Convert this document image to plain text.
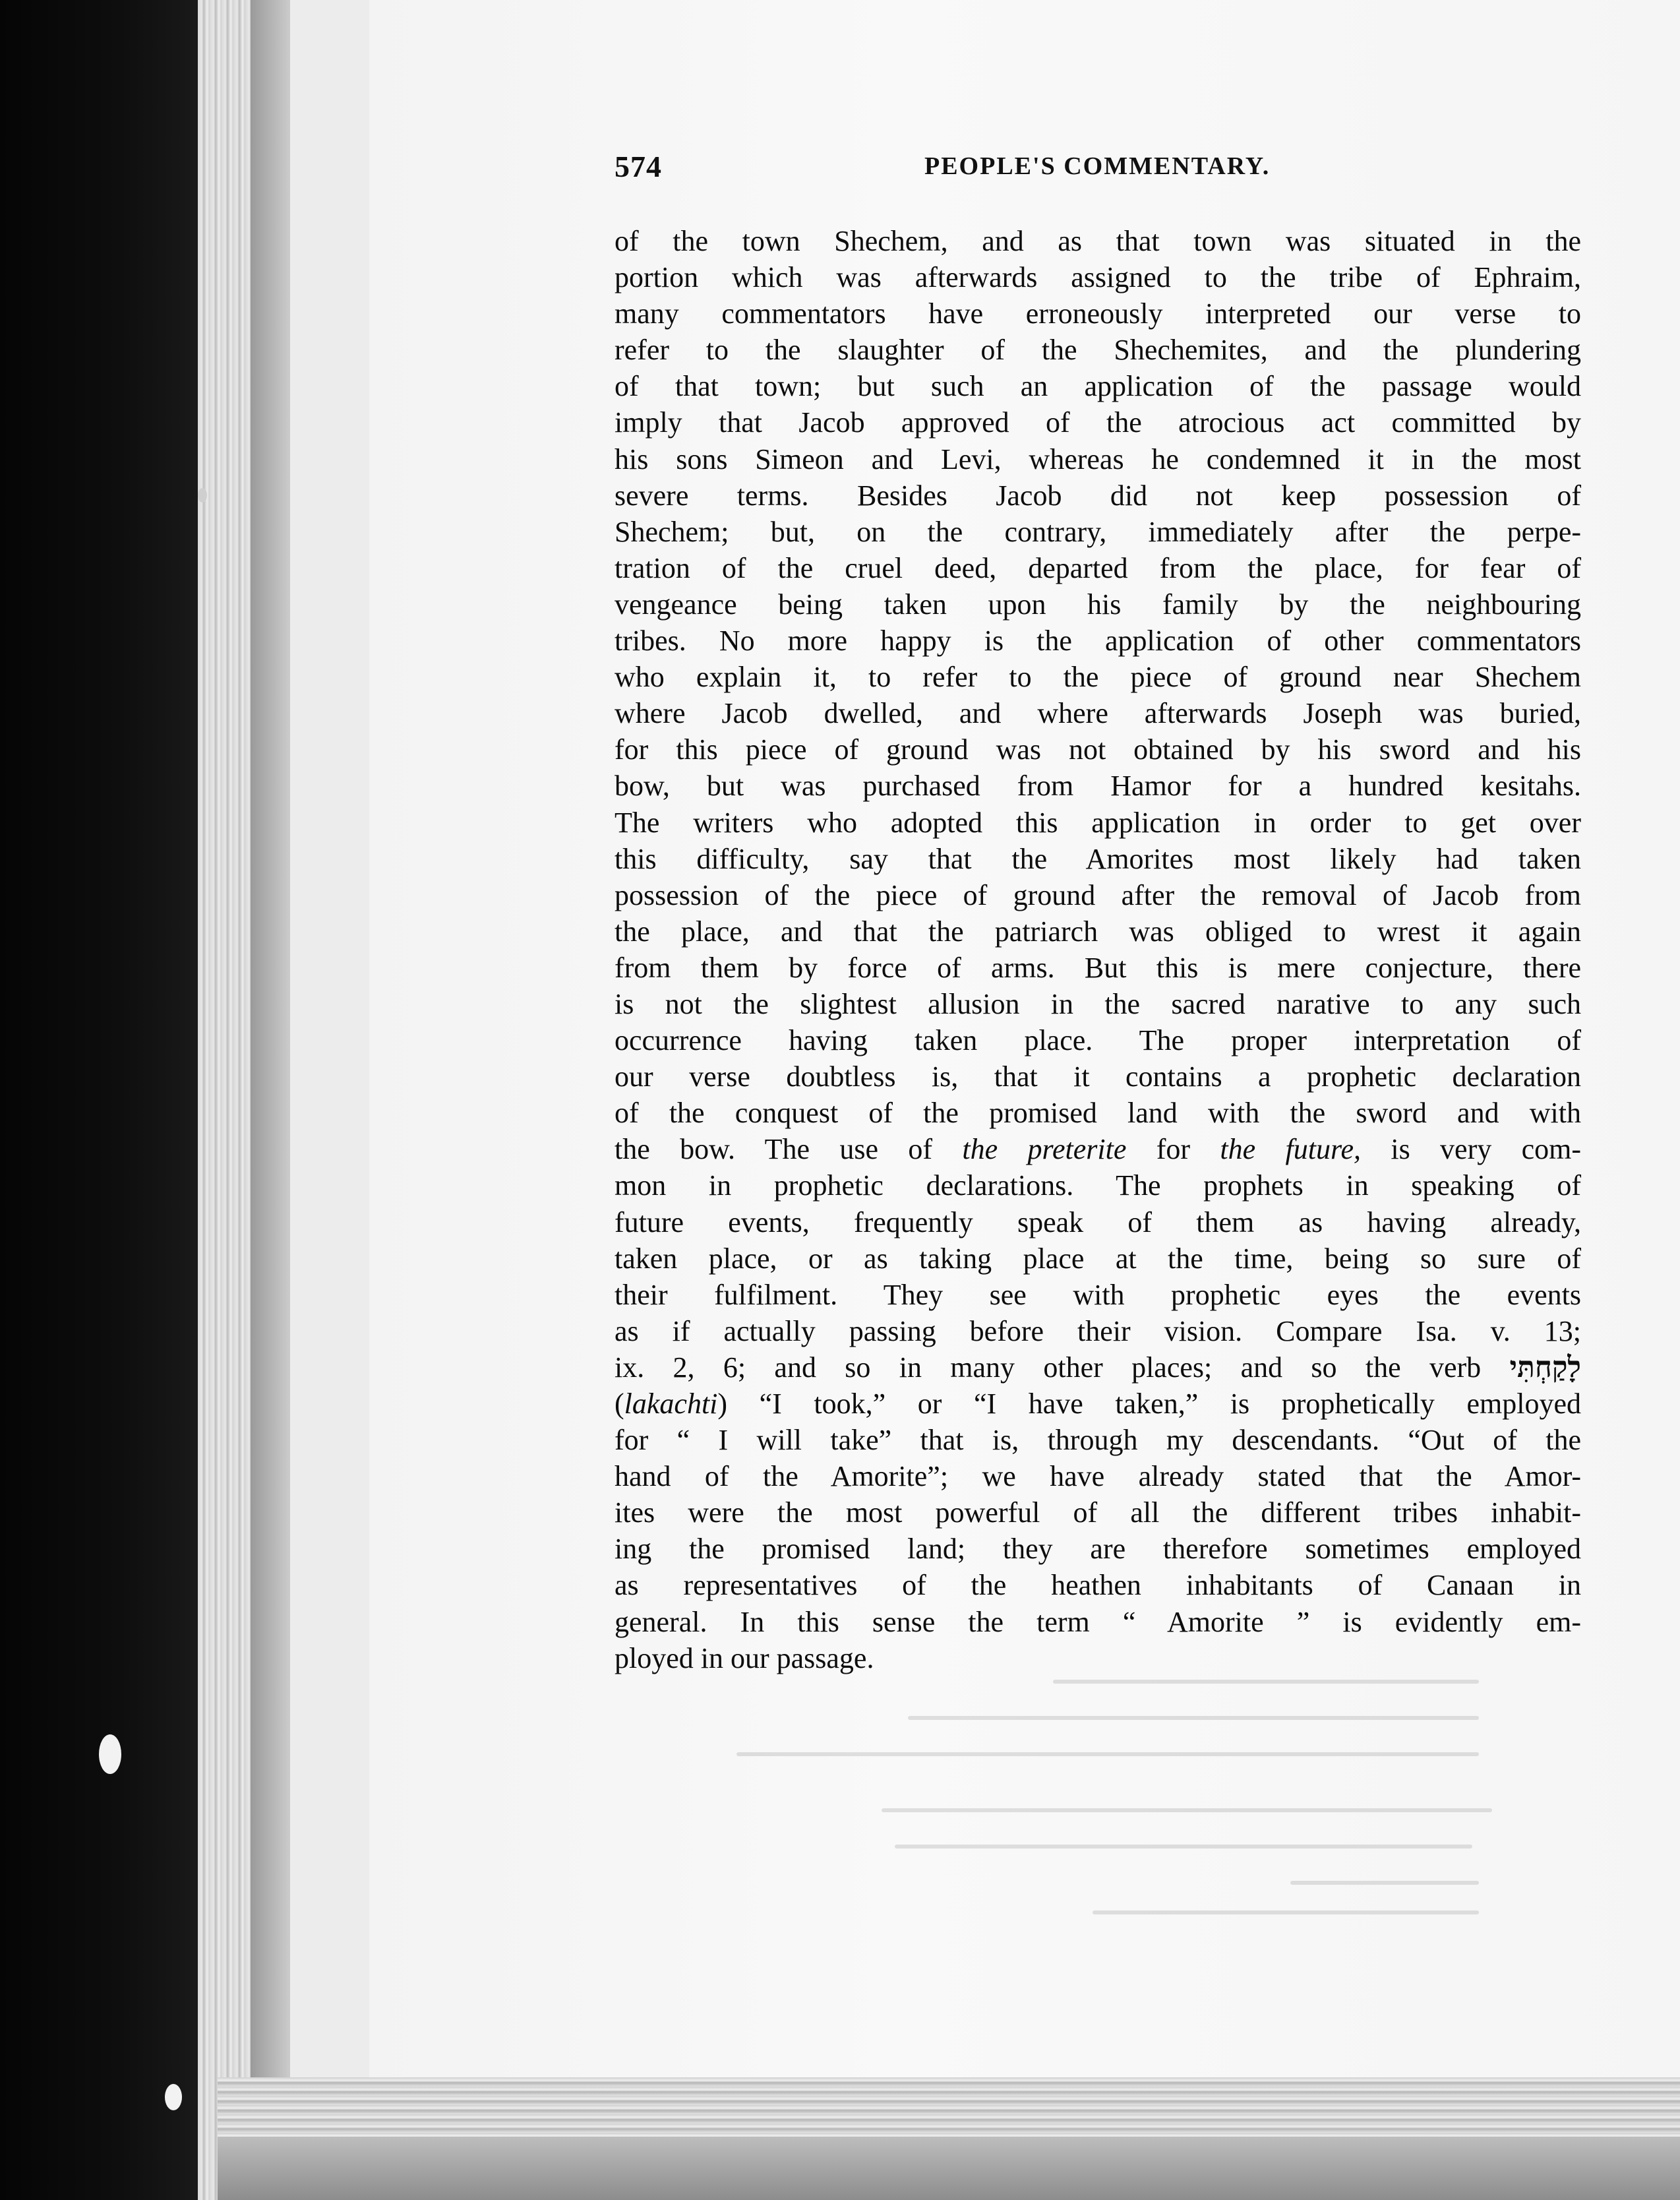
574	PEOPLE'S COMMENTARY.
of the town Shechem, and as that town was situated in the
portion which was afterwards assigned to the tribe of Ephraim,
many commentators have erroneously interpreted our verse to
refer to the slaughter of the Shechemites, and the plundering
of that town; but such an application of the passage would
imply that Jacob approved of the atrocious act committed by
his sons Simeon and Levi, whereas he condemned it in the most
severe terms. Besides Jacob did not keep possession of
Shechem; but, on the contrary, immediately after the perpe-
tration of the cruel deed, departed from the place, for fear of
vengeance being taken upon his family by the neighbouring
tribes. No more happy is the application of other commentators
who explain it, to refer to the piece of ground near Shechem
where Jacob dwelled, and where afterwards Joseph was buried,
for this piece of ground was not obtained by his sword and his
bow, but was purchased from Hamor for a hundred kesitahs.
The writers who adopted this application in order to get over
this difficulty, say that the Amorites most likely had taken
possession of the piece of ground after the removal of Jacob from
the place, and that the patriarch was obliged to wrest it again
from them by force of arms. But this is mere conjecture, there
is not the slightest allusion in the sacred narative to any such
occurrence having taken place. The proper interpretation of
our verse doubtless is, that it contains a prophetic declaration
of the conquest of the promised land with the sword and with
the bow. The use of the preterite for the future, is very com-
mon in prophetic declarations. The prophets in speaking of
future events, frequently speak of them as having already,
taken place, or as taking place at the time, being so sure of
their fulfilment. They see with prophetic eyes the events
as if actually passing before their vision. Compare Isa. v. 13;
ix. 2, 6; and so in many other places; and so the verb לָקַחְתִּי
(lakachti) “I took,” or “I have taken,” is prophetically employed
for “ I will take” that is, through my descendants. “Out of the
hand of the Amorite”; we have already stated that the Amor-
ites were the most powerful of all the different tribes inhabit-
ing the promised land; they are therefore sometimes employed
as representatives of the heathen inhabitants of Canaan in
general. In this sense the term “ Amorite ” is evidently em-
ployed in our passage.
